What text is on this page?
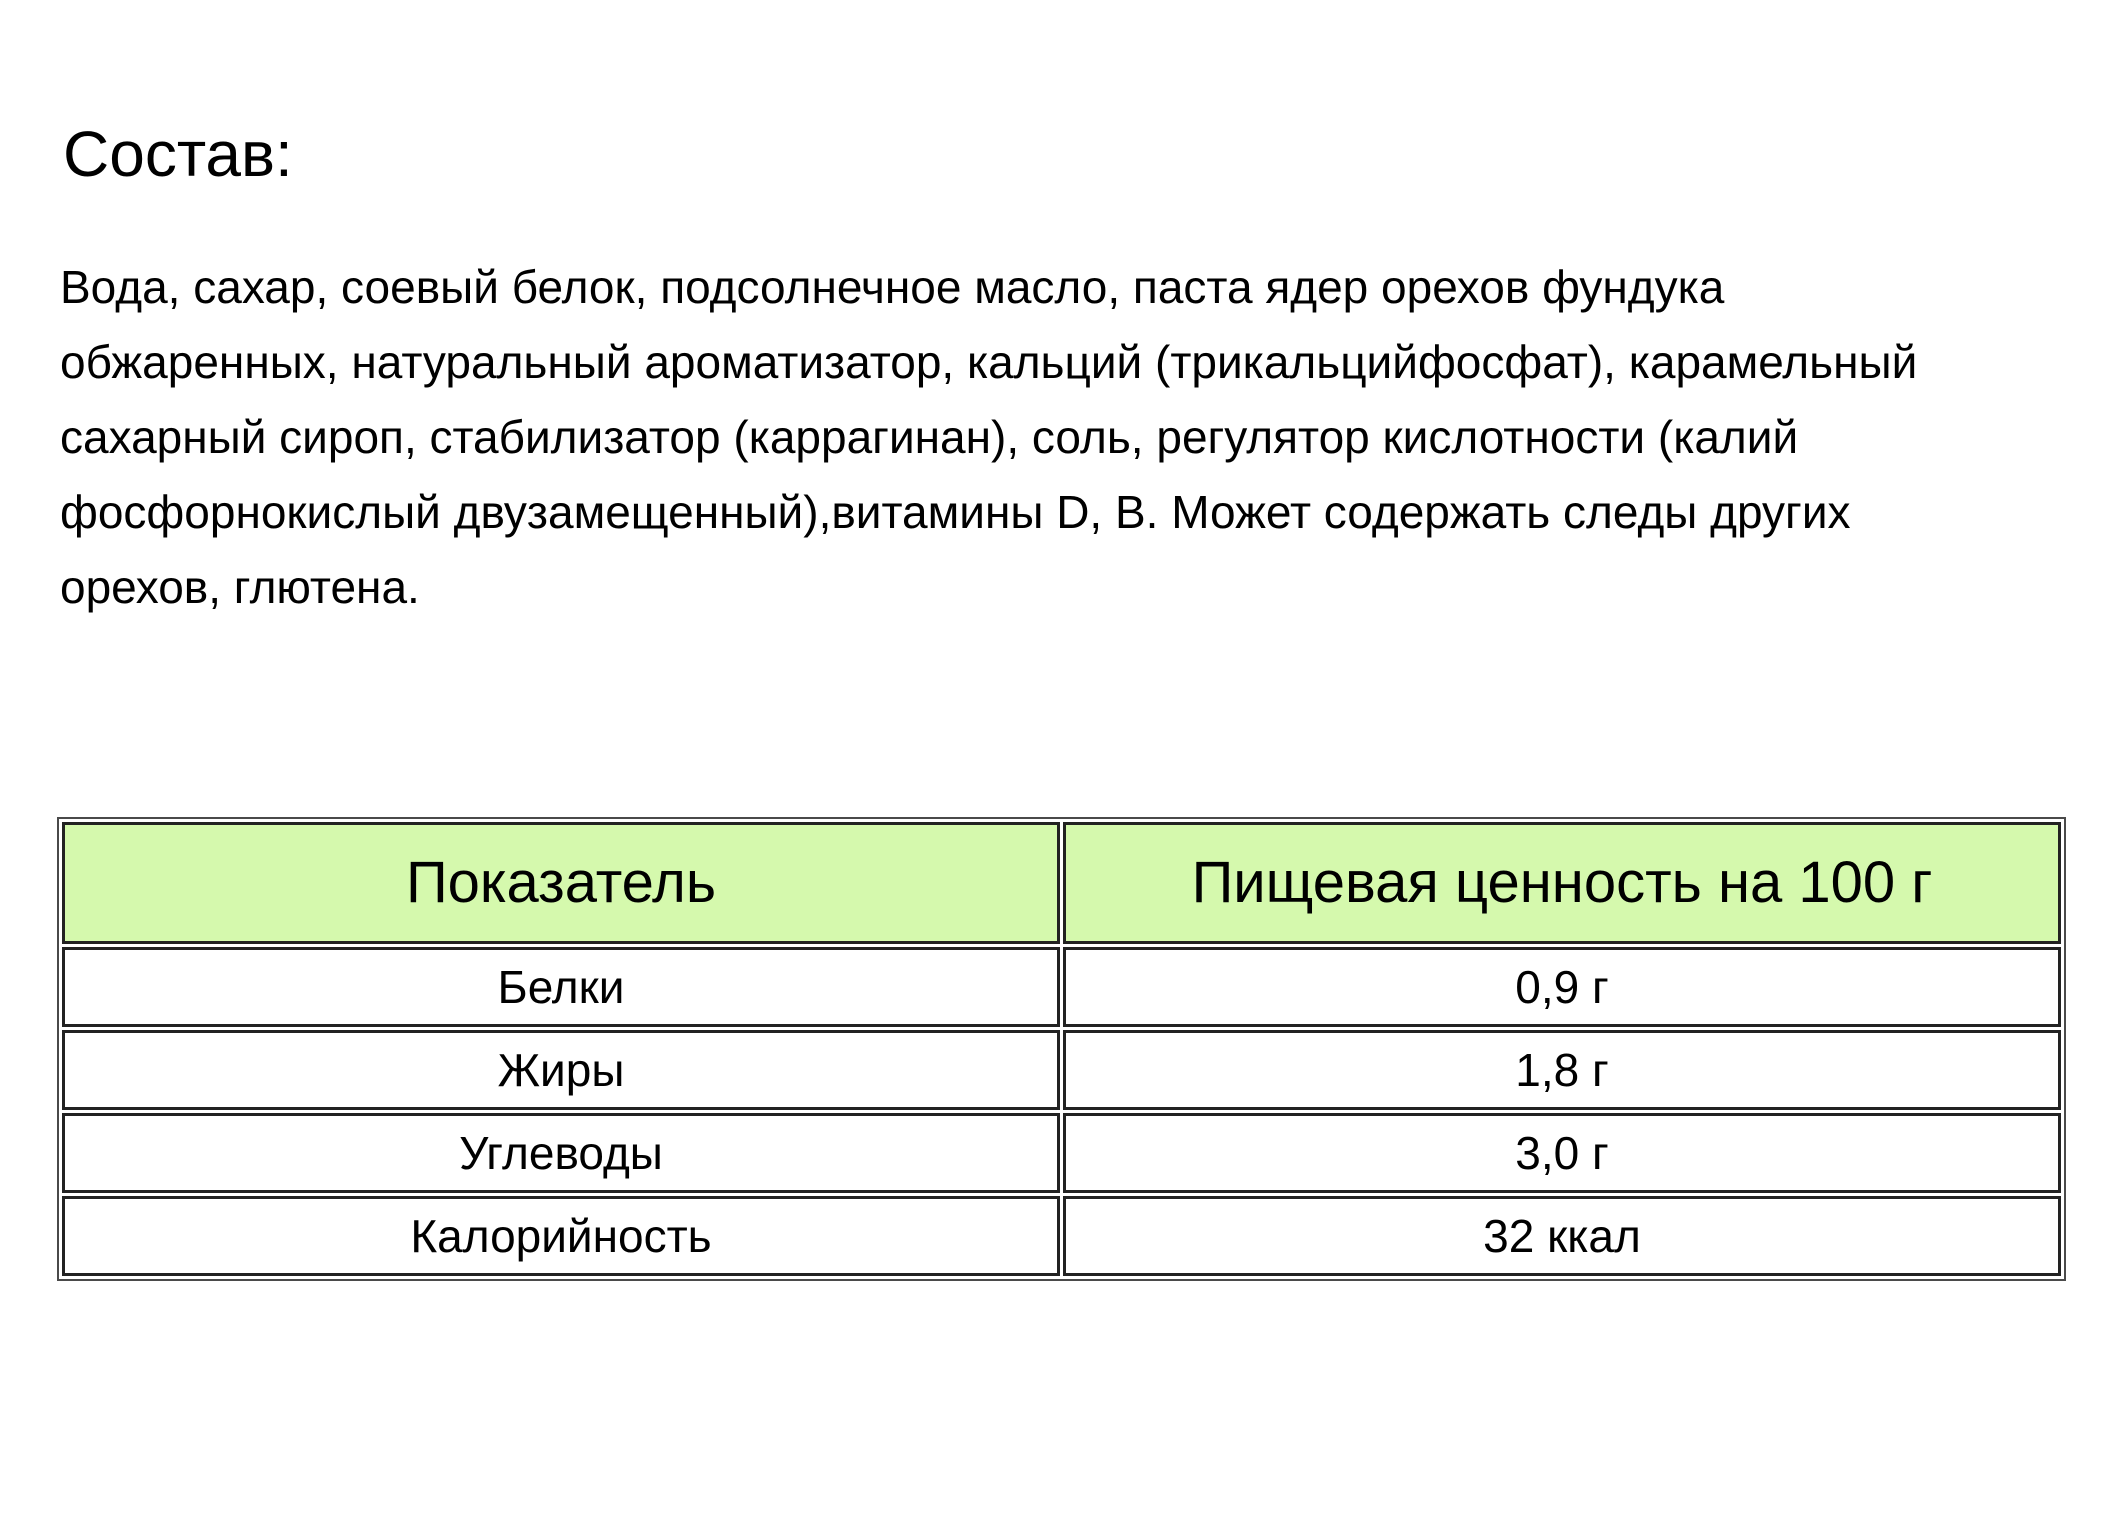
Состав:
Вода, сахар, соевый белок, подсолнечное масло, паста ядер орехов фундука
обжаренных, натуральный ароматизатор, кальций (трикальцийфосфат), карамельный
сахарный сироп, стабилизатор (каррагинан), соль, регулятор кислотности (калий
фосфорнокислый двузамещенный),витамины D, B. Может содержать следы других
орехов, глютена.
Показатель	Пищевая ценность на 100 г
Белки	0,9 г
Жиры	1,8 г
Углеводы	3,0 г
Калорийность	32 ккал
